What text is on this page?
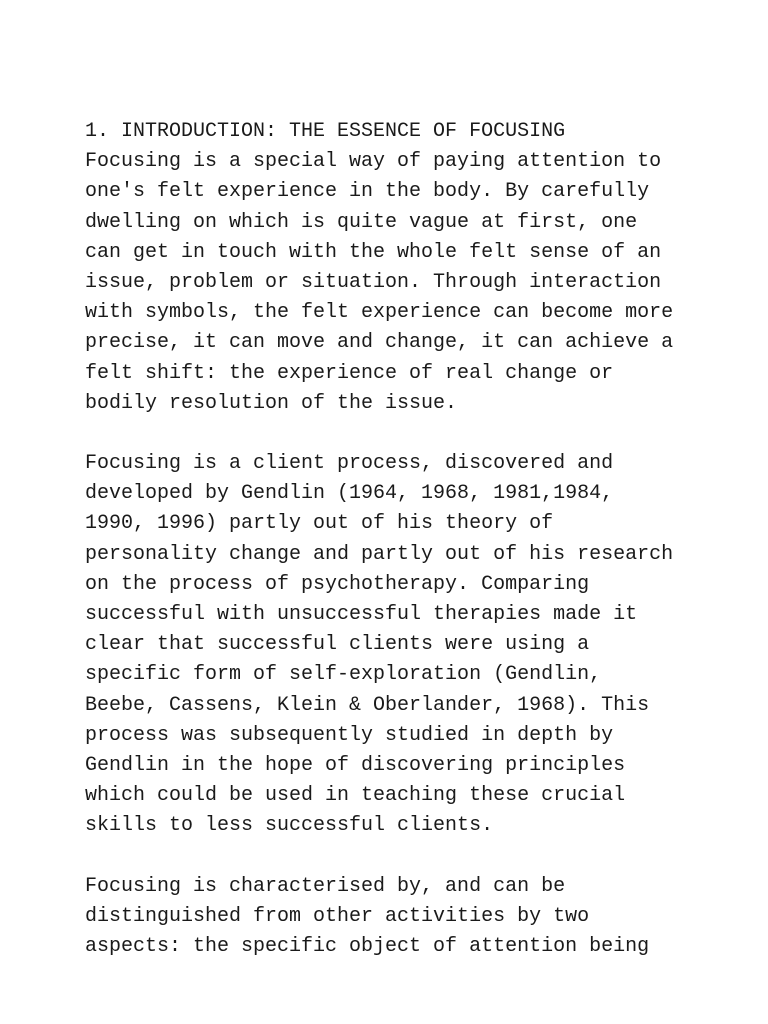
1. INTRODUCTION: THE ESSENCE OF FOCUSING
Focusing is a special way of paying attention to
one's felt experience in the body. By carefully
dwelling on which is quite vague at first, one
can get in touch with the whole felt sense of an
issue, problem or situation. Through interaction
with symbols, the felt experience can become more
precise, it can move and change, it can achieve a
felt shift: the experience of real change or
bodily resolution of the issue.
Focusing is a client process, discovered and
developed by Gendlin (1964, 1968, 1981,1984,
1990, 1996) partly out of his theory of
personality change and partly out of his research
on the process of psychotherapy. Comparing
successful with unsuccessful therapies made it
clear that successful clients were using a
specific form of self-exploration (Gendlin,
Beebe, Cassens, Klein & Oberlander, 1968). This
process was subsequently studied in depth by
Gendlin in the hope of discovering principles
which could be used in teaching these crucial
skills to less successful clients.
Focusing is characterised by, and can be
distinguished from other activities by two
aspects: the specific object of attention being
